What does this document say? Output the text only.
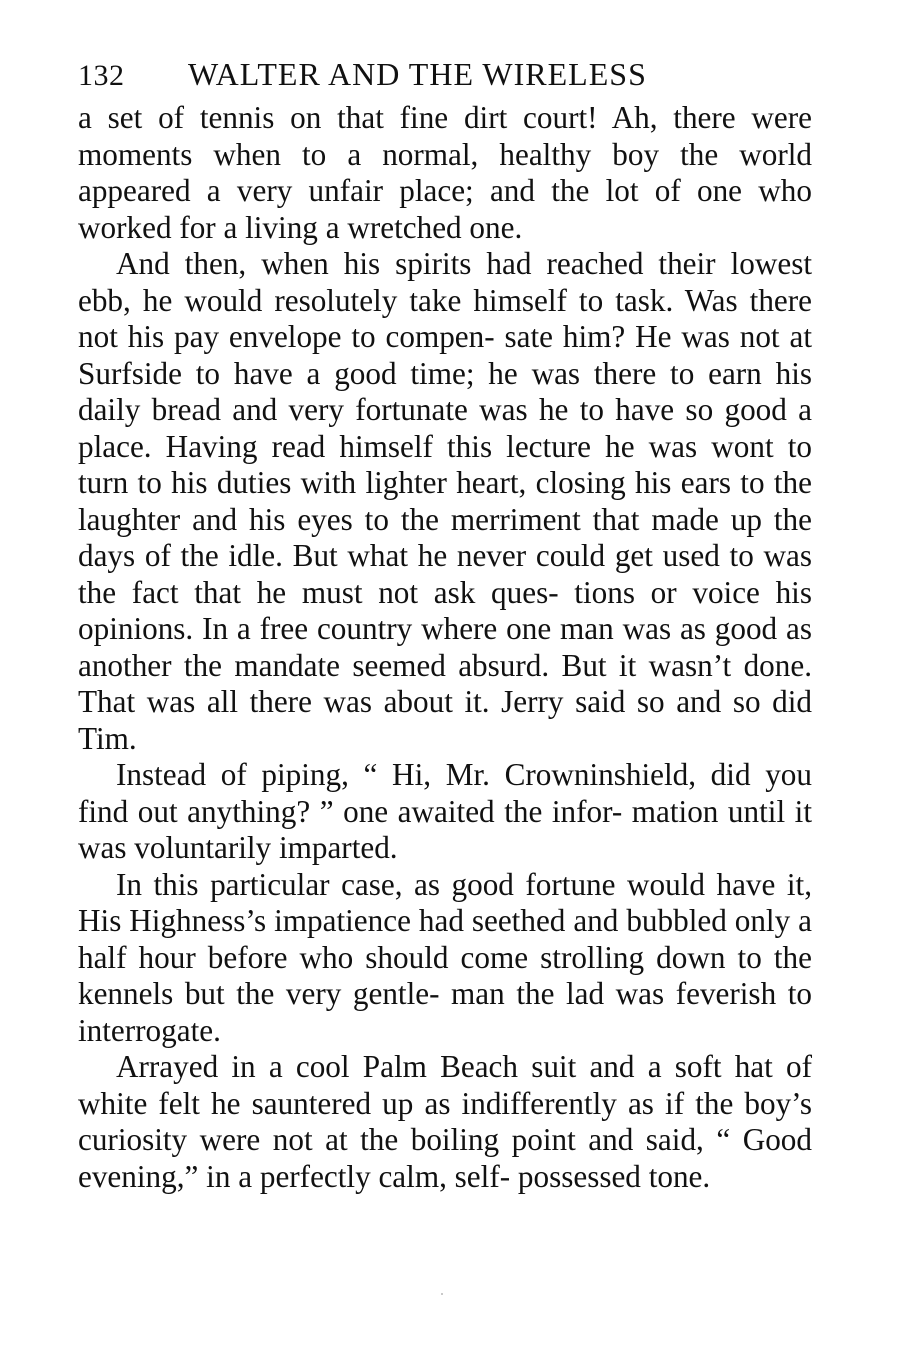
132	WALTER AND THE WIRELESS

a set of tennis on that fine dirt court! Ah, there were moments when to a normal, healthy boy the world appeared a very unfair place; and the lot of one who worked for a living a wretched one.

And then, when his spirits had reached their lowest ebb, he would resolutely take himself to task. Was there not his pay envelope to compen- sate him? He was not at Surfside to have a good time; he was there to earn his daily bread and very fortunate was he to have so good a place. Having read himself this lecture he was wont to turn to his duties with lighter heart, closing his ears to the laughter and his eyes to the merriment that made up the days of the idle. But what he never could get used to was the fact that he must not ask ques- tions or voice his opinions. In a free country where one man was as good as another the mandate seemed absurd. But it wasn’t done. That was all there was about it. Jerry said so and so did Tim.

Instead of piping, “ Hi, Mr. Crowninshield, did you find out anything? ” one awaited the infor- mation until it was voluntarily imparted.

In this particular case, as good fortune would have it, His Highness’s impatience had seethed and bubbled only a half hour before who should come strolling down to the kennels but the very gentle- man the lad was feverish to interrogate.

Arrayed in a cool Palm Beach suit and a soft hat of white felt he sauntered up as indifferently as if the boy’s curiosity were not at the boiling point and said, “ Good evening,” in a perfectly calm, self- possessed tone.
